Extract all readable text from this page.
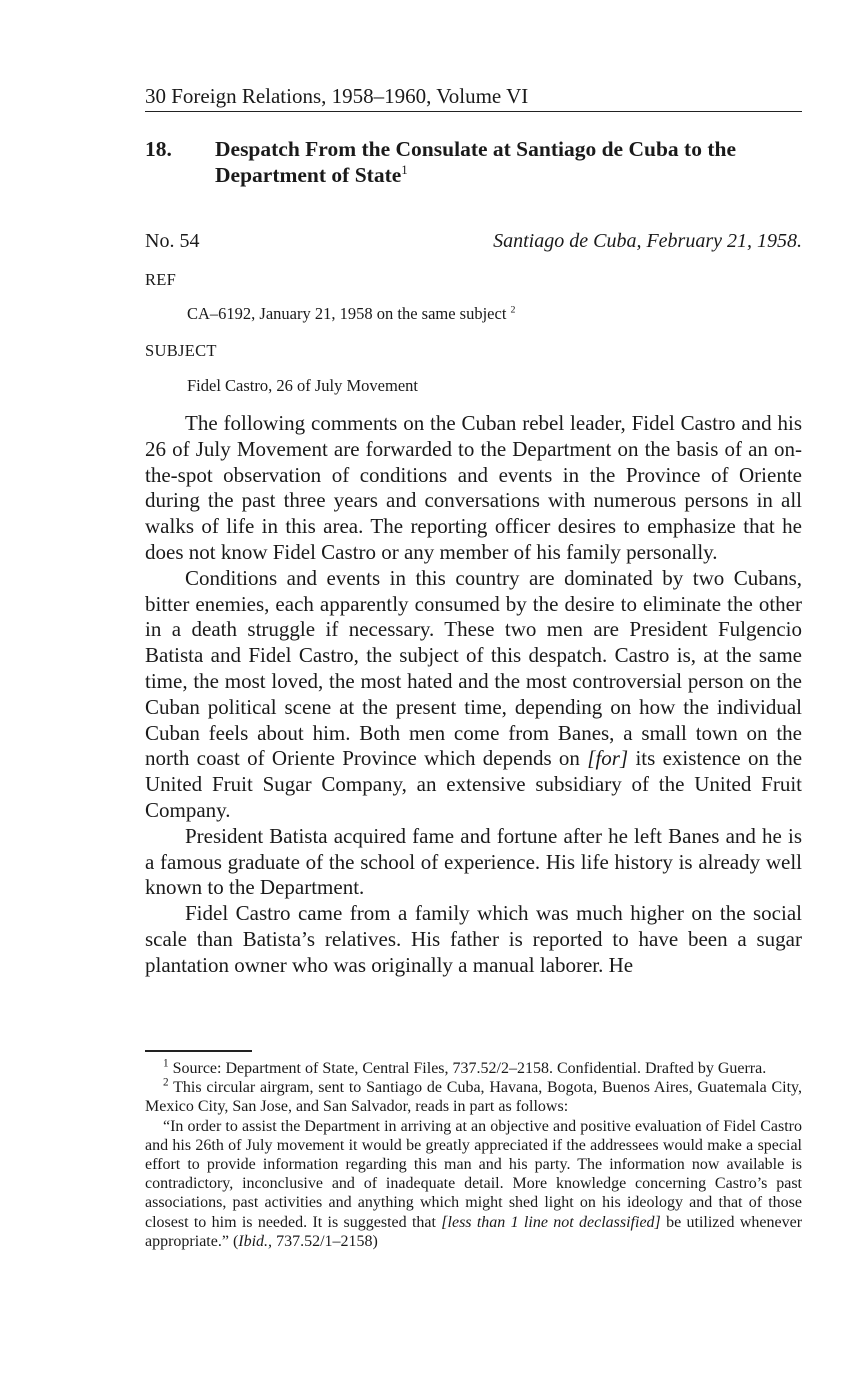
30 Foreign Relations, 1958–1960, Volume VI
18.	Despatch From the Consulate at Santiago de Cuba to the Department of State$^1$
No. 54	Santiago de Cuba, February 21, 1958.
REF
CA–6192, January 21, 1958 on the same subject $^2$
SUBJECT
Fidel Castro, 26 of July Movement

The following comments on the Cuban rebel leader, Fidel Castro and his 26 of July Movement are forwarded to the Department on the basis of an on-the-spot observation of conditions and events in the Province of Oriente during the past three years and conversations with numerous persons in all walks of life in this area. The reporting officer desires to emphasize that he does not know Fidel Castro or any member of his family personally.

Conditions and events in this country are dominated by two Cubans, bitter enemies, each apparently consumed by the desire to eliminate the other in a death struggle if necessary. These two men are President Fulgencio Batista and Fidel Castro, the subject of this despatch. Castro is, at the same time, the most loved, the most hated and the most controversial person on the Cuban political scene at the present time, depending on how the individual Cuban feels about him. Both men come from Banes, a small town on the north coast of Oriente Province which depends on [for] its existence on the United Fruit Sugar Company, an extensive subsidiary of the United Fruit Company.

President Batista acquired fame and fortune after he left Banes and he is a famous graduate of the school of experience. His life history is already well known to the Department.

Fidel Castro came from a family which was much higher on the social scale than Batista’s relatives. His father is reported to have been a sugar plantation owner who was originally a manual laborer. He

$^1$ Source: Department of State, Central Files, 737.52/2–2158. Confidential. Drafted by Guerra.

$^2$ This circular airgram, sent to Santiago de Cuba, Havana, Bogota, Buenos Aires, Guatemala City, Mexico City, San Jose, and San Salvador, reads in part as follows:

“In order to assist the Department in arriving at an objective and positive evaluation of Fidel Castro and his 26th of July movement it would be greatly appreciated if the addressees would make a special effort to provide information regarding this man and his party. The information now available is contradictory, inconclusive and of inadequate detail. More knowledge concerning Castro’s past associations, past activities and anything which might shed light on his ideology and that of those closest to him is needed. It is suggested that [less than 1 line not declassified] be utilized whenever appropriate.” (Ibid., 737.52/1–2158)
